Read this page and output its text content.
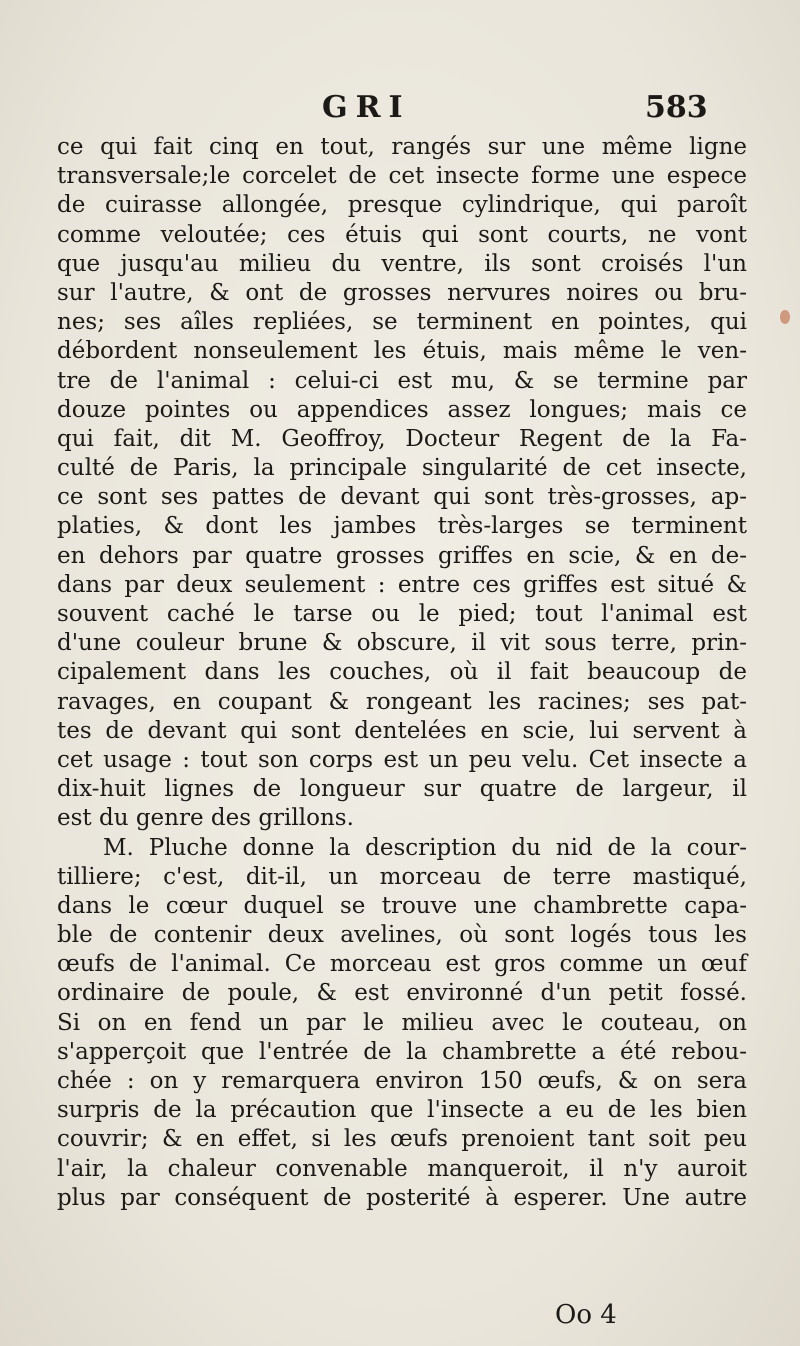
GRI	583
ce qui fait cinq en tout, rangés sur une même ligne
transversale;le corcelet de cet insecte forme une espece
de cuirasse allongée, presque cylindrique, qui paroît
comme veloutée; ces étuis qui sont courts, ne vont
que jusqu'au milieu du ventre, ils sont croisés l'un
sur l'autre, & ont de grosses nervures noires ou bru-
nes; ses aîles repliées, se terminent en pointes, qui
débordent nonseulement les étuis, mais même le ven-
tre de l'animal : celui-ci est mu, & se termine par
douze pointes ou appendices assez longues; mais ce
qui fait, dit M. Geoffroy, Docteur Regent de la Fa-
culté de Paris, la principale singularité de cet insecte,
ce sont ses pattes de devant qui sont très-grosses, ap-
platies, & dont les jambes très-larges se terminent
en dehors par quatre grosses griffes en scie, & en de-
dans par deux seulement : entre ces griffes est situé &
souvent caché le tarse ou le pied; tout l'animal est
d'une couleur brune & obscure, il vit sous terre, prin-
cipalement dans les couches, où il fait beaucoup de
ravages, en coupant & rongeant les racines; ses pat-
tes de devant qui sont dentelées en scie, lui servent à
cet usage : tout son corps est un peu velu. Cet insecte a
dix-huit lignes de longueur sur quatre de largeur, il
est du genre des grillons.
M. Pluche donne la description du nid de la cour-
tilliere; c'est, dit-il, un morceau de terre mastiqué,
dans le cœur duquel se trouve une chambrette capa-
ble de contenir deux avelines, où sont logés tous les
œufs de l'animal. Ce morceau est gros comme un œuf
ordinaire de poule, & est environné d'un petit fossé.
Si on en fend un par le milieu avec le couteau, on
s'apperçoit que l'entrée de la chambrette a été rebou-
chée : on y remarquera environ 150 œufs, & on sera
surpris de la précaution que l'insecte a eu de les bien
couvrir; & en effet, si les œufs prenoient tant soit peu
l'air, la chaleur convenable manqueroit, il n'y auroit
plus par conséquent de posterité à esperer. Une autre
Oo 4
